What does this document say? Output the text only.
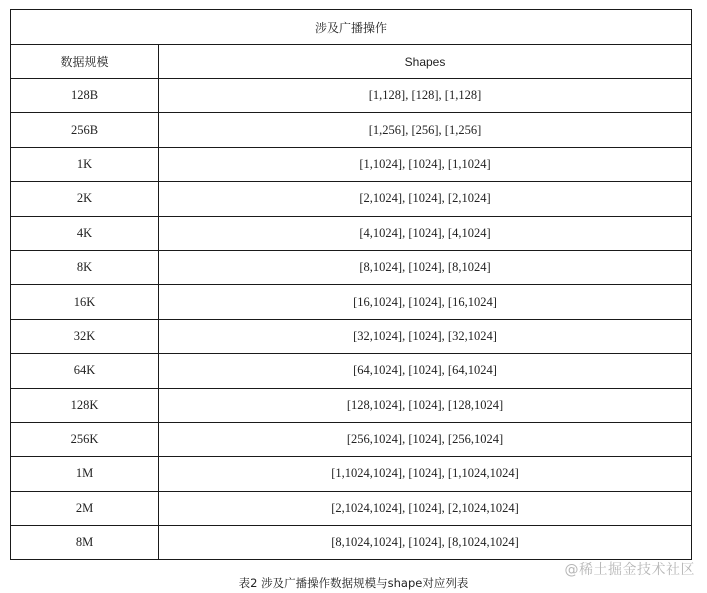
涉及广播操作	
数据规模	Shapes
128B	[1,128], [128], [1,128]
256B	[1,256], [256], [1,256]
1K	[1,1024], [1024], [1,1024]
2K	[2,1024], [1024], [2,1024]
4K	[4,1024], [1024], [4,1024]
8K	[8,1024], [1024], [8,1024]
16K	[16,1024], [1024], [16,1024]
32K	[32,1024], [1024], [32,1024]
64K	[64,1024], [1024], [64,1024]
128K	[128,1024], [1024], [128,1024]
256K	[256,1024], [1024], [256,1024]
1M	[1,1024,1024], [1024], [1,1024,1024]
2M	[2,1024,1024], [1024], [2,1024,1024]
8M	[8,1024,1024], [1024], [8,1024,1024]
表2 涉及广播操作数据规模与shape对应列表
@稀土掘金技术社区
